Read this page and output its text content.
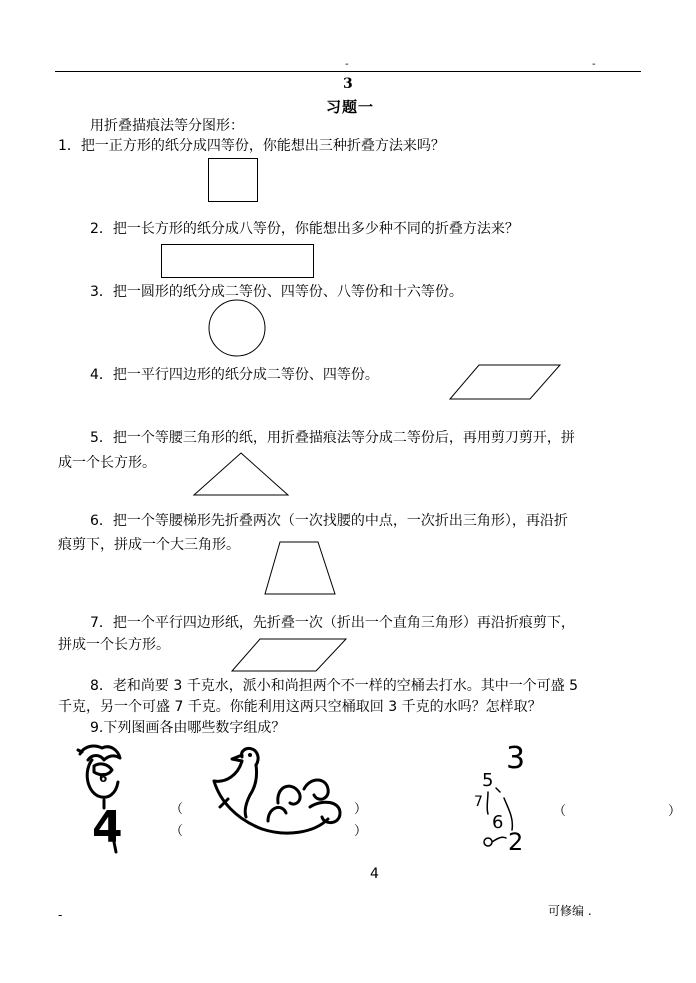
-	-
3
习题一
用折叠描痕法等分图形：
1．把一正方形的纸分成四等份，你能想出三种折叠方法来吗？
2．把一长方形的纸分成八等份，你能想出多少种不同的折叠方法来？
3．把一圆形的纸分成二等份、四等份、八等份和十六等份。
4．把一平行四边形的纸分成二等份、四等份。
5．把一个等腰三角形的纸，用折叠描痕法等分成二等份后，再用剪刀剪开，拼
成一个长方形。
6．把一个等腰梯形先折叠两次（一次找腰的中点，一次折出三角形），再沿折
痕剪下，拼成一个大三角形。
7．把一个平行四边形纸，先折叠一次（折出一个直角三角形）再沿折痕剪下，
拼成一个长方形。
8．老和尚要 3 千克水，派小和尚担两个不一样的空桶去打水。其中一个可盛 5
千克，另一个可盛 7 千克。你能利用这两只空桶取回 3 千克的水吗？怎样取？
9.下列图画各由哪些数字组成？
6
4
3
5
6
7
2
（	）
（	）
（	）
4
-	可修编 .
